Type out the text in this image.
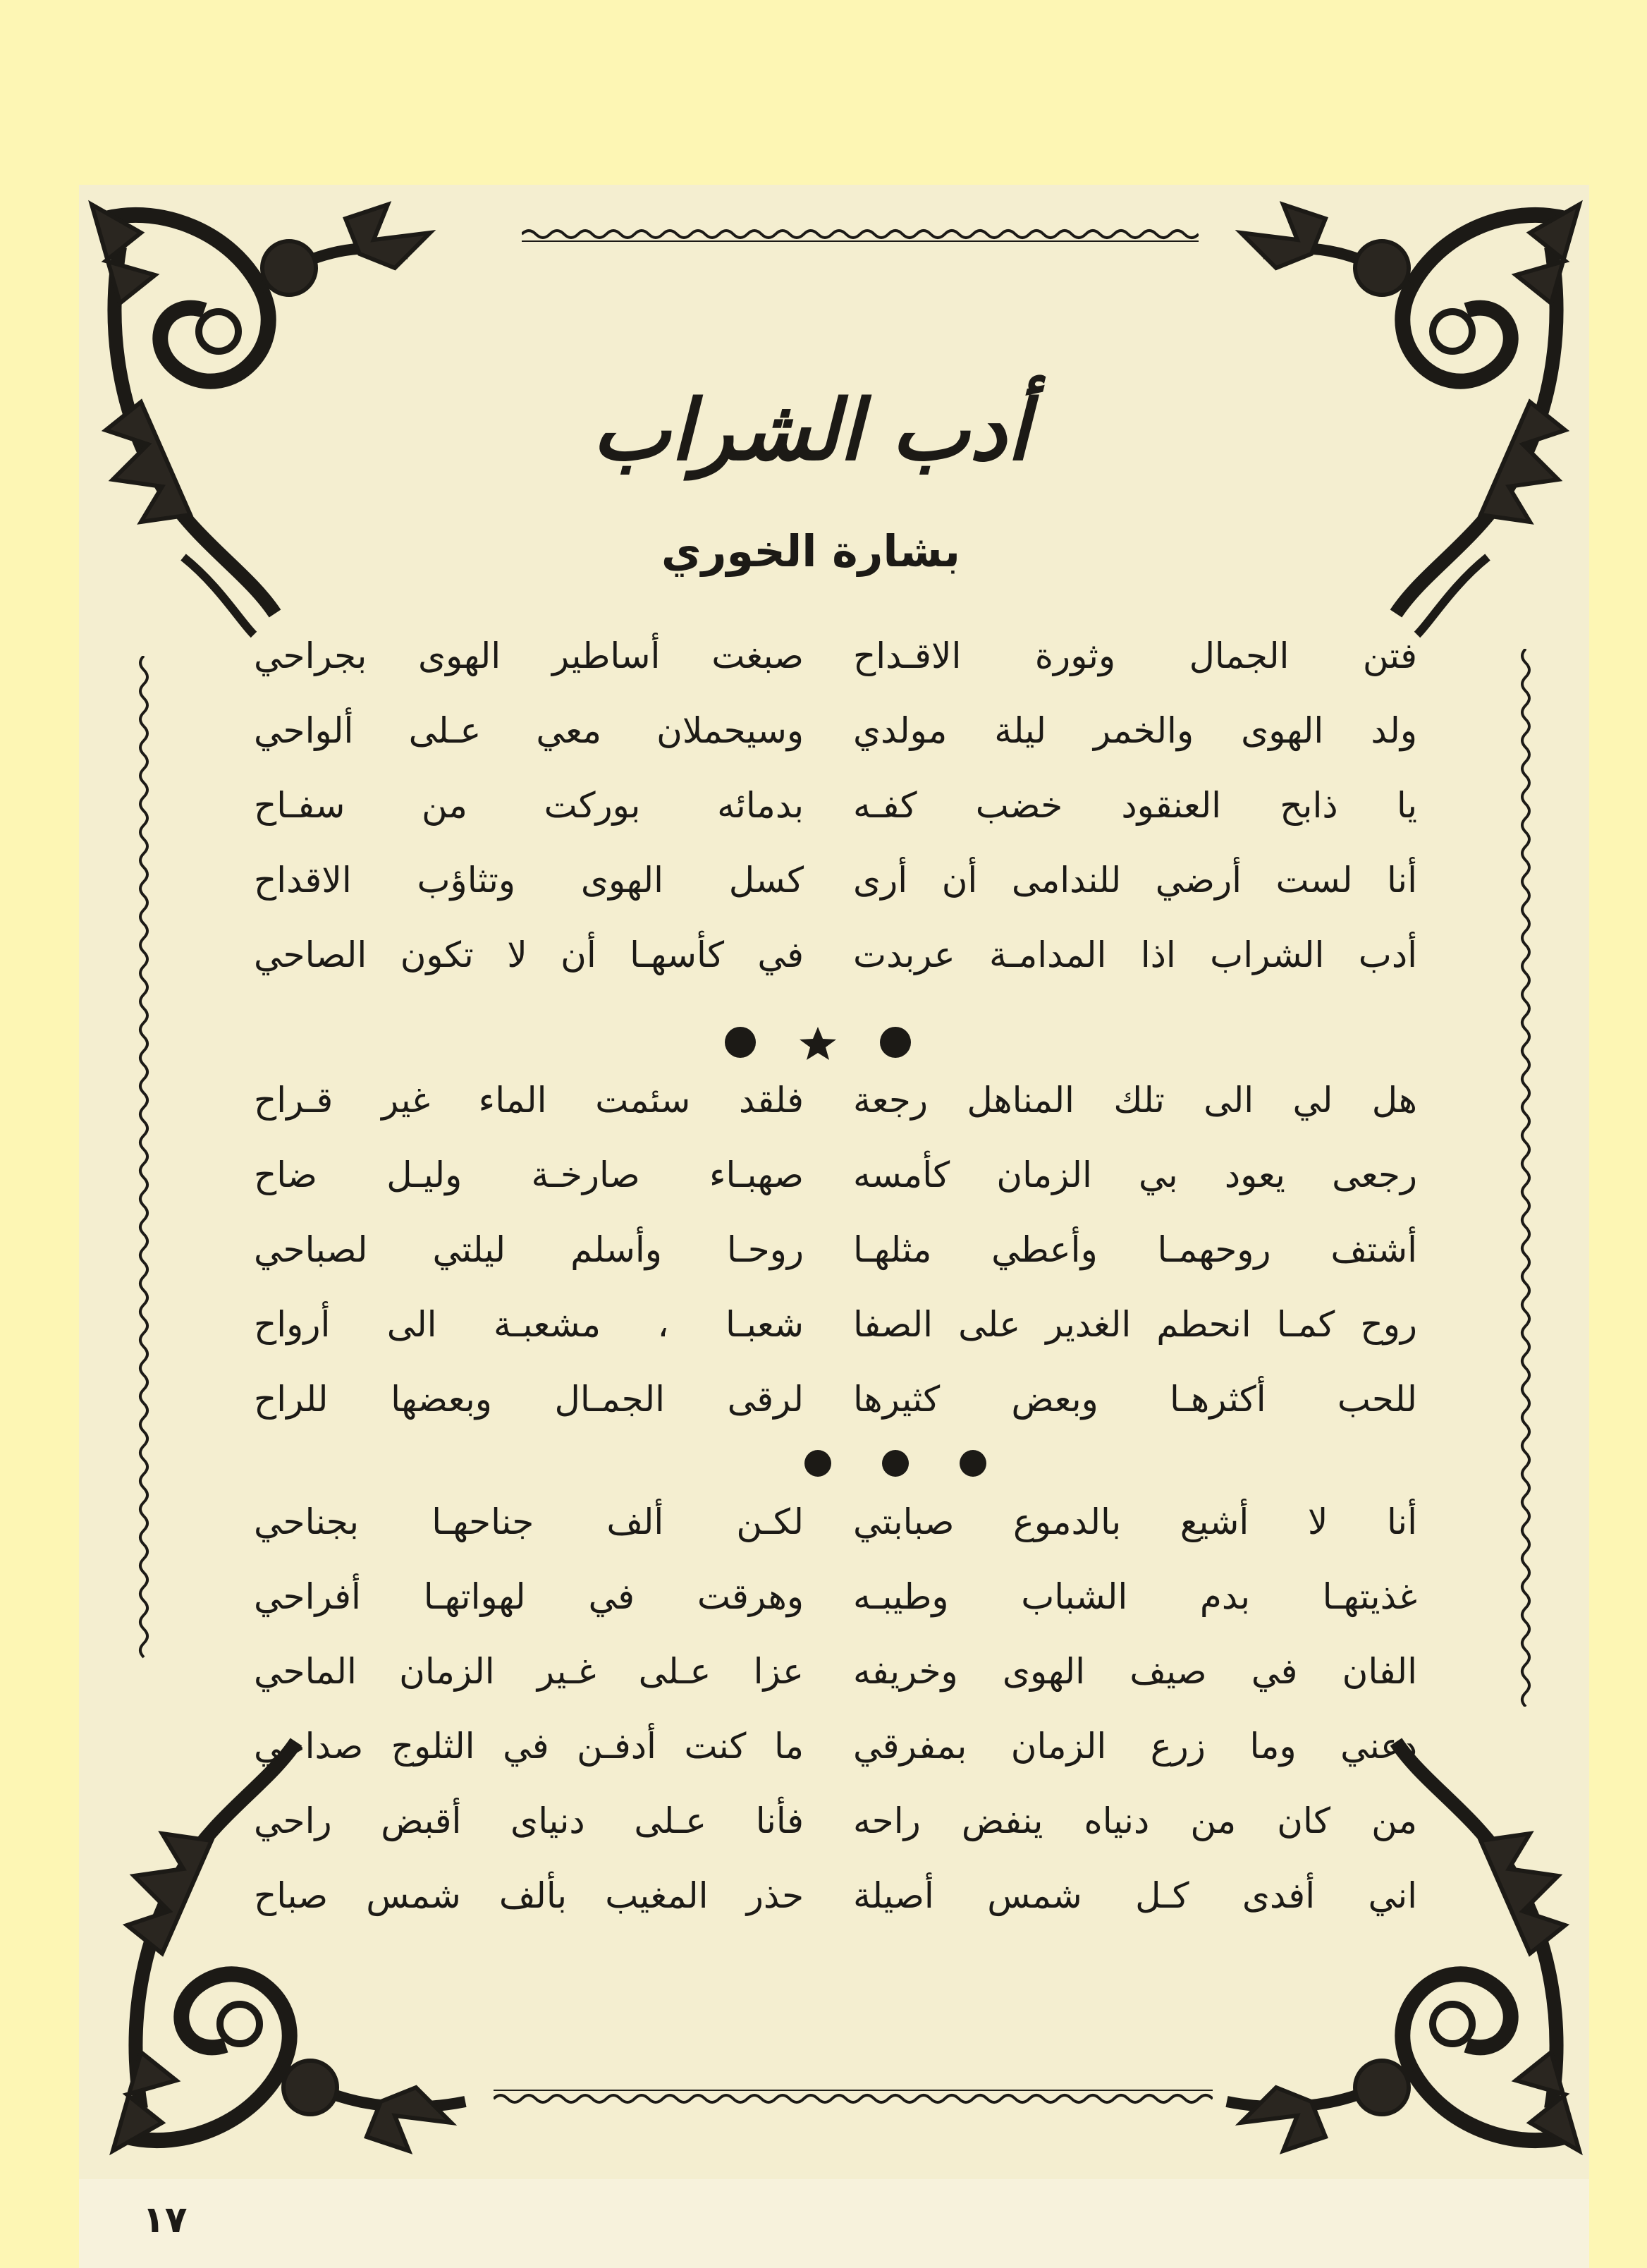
أدب الشراب
بشارة الخوري
فتن الجمال وثورة الاقـداح
صبغت أساطير الهوى بجراحي
ولد الهوى والخمر ليلة مولدي
وسيحملان معي عـلى ألواحي
يا ذابح العنقود خضب كفـه
بدمائه بوركت من سفـاح
أنا لست أرضي للندامى أن أرى
كسل الهوى وتثاؤب الاقداح
أدب الشراب اذا المدامـة عربدت
في كأسهـا أن لا تكون الصاحي
هل لي الى تلك المناهل رجعة
فلقد سئمت الماء غير قـراح
رجعى يعود بي الزمان كأمسه
صهبـاء صارخـة وليـل ضاح
أشتف روحهمـا وأعطي مثلهـا
روحـا وأسلم ليلتي لصباحي
روح كمـا انحطم الغدير على الصفا
شعبـا ، مشعبـة الى أرواح
للحب أكثرهـا وبعض كثيرها
لرقى الجمـال وبعضها للراح
أنا لا أشيع بالدموع صبابتي
لكـن ألف جناحهـا بجناحي
غذيتهـا بدم الشباب وطيبـه
وهرقت في لهواتهـا أفراحي
الفان في صيف الهوى وخريفه
عزا عـلى غـير الزمان الماحي
دعني وما زرع الزمان بمفرقي
ما كنت أدفـن في الثلوج صداحي
من كان من دنياه ينفض راحه
فأنا عـلى دنياى أقبض راحي
اني أفدى كـل شمس أصيلة
حذر المغيب بألف شمس صباح
١٧
